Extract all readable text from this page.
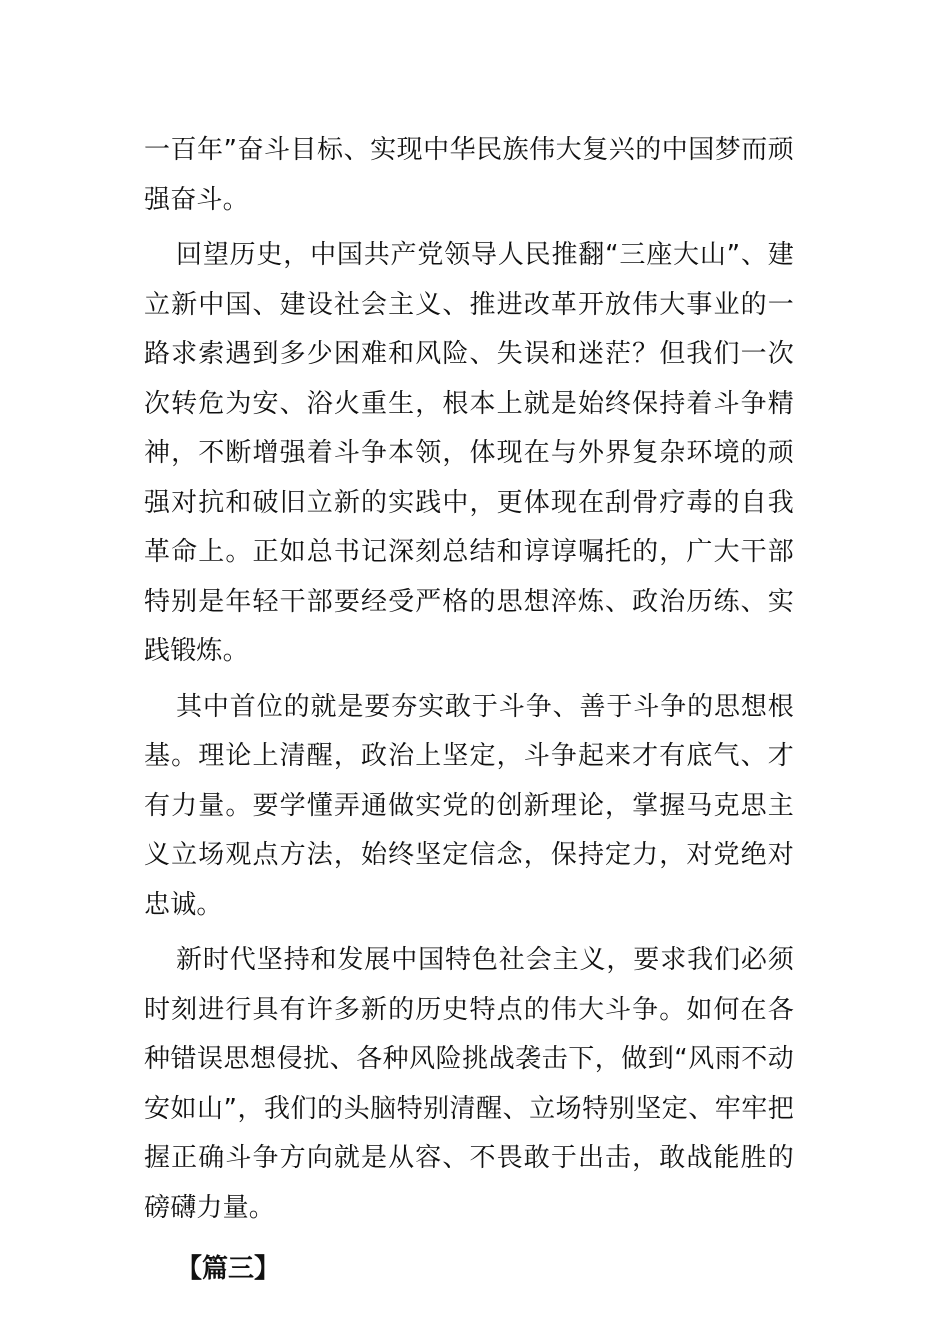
一百年”奋斗目标、实现中华民族伟大复兴的中国梦而顽强奋斗。

回望历史，中国共产党领导人民推翻“三座大山”、建立新中国、建设社会主义、推进改革开放伟大事业的一路求索遇到多少困难和风险、失误和迷茫？但我们一次次转危为安、浴火重生，根本上就是始终保持着斗争精神，不断增强着斗争本领，体现在与外界复杂环境的顽强对抗和破旧立新的实践中，更体现在刮骨疗毒的自我革命上。正如总书记深刻总结和谆谆嘱托的，广大干部特别是年轻干部要经受严格的思想淬炼、政治历练、实践锻炼。

其中首位的就是要夯实敢于斗争、善于斗争的思想根基。理论上清醒，政治上坚定，斗争起来才有底气、才有力量。要学懂弄通做实党的创新理论，掌握马克思主义立场观点方法，始终坚定信念，保持定力，对党绝对忠诚。

新时代坚持和发展中国特色社会主义，要求我们必须时刻进行具有许多新的历史特点的伟大斗争。如何在各种错误思想侵扰、各种风险挑战袭击下，做到“风雨不动安如山”，我们的头脑特别清醒、立场特别坚定、牢牢把握正确斗争方向就是从容、不畏敢于出击，敢战能胜的磅礴力量。

【篇三】
